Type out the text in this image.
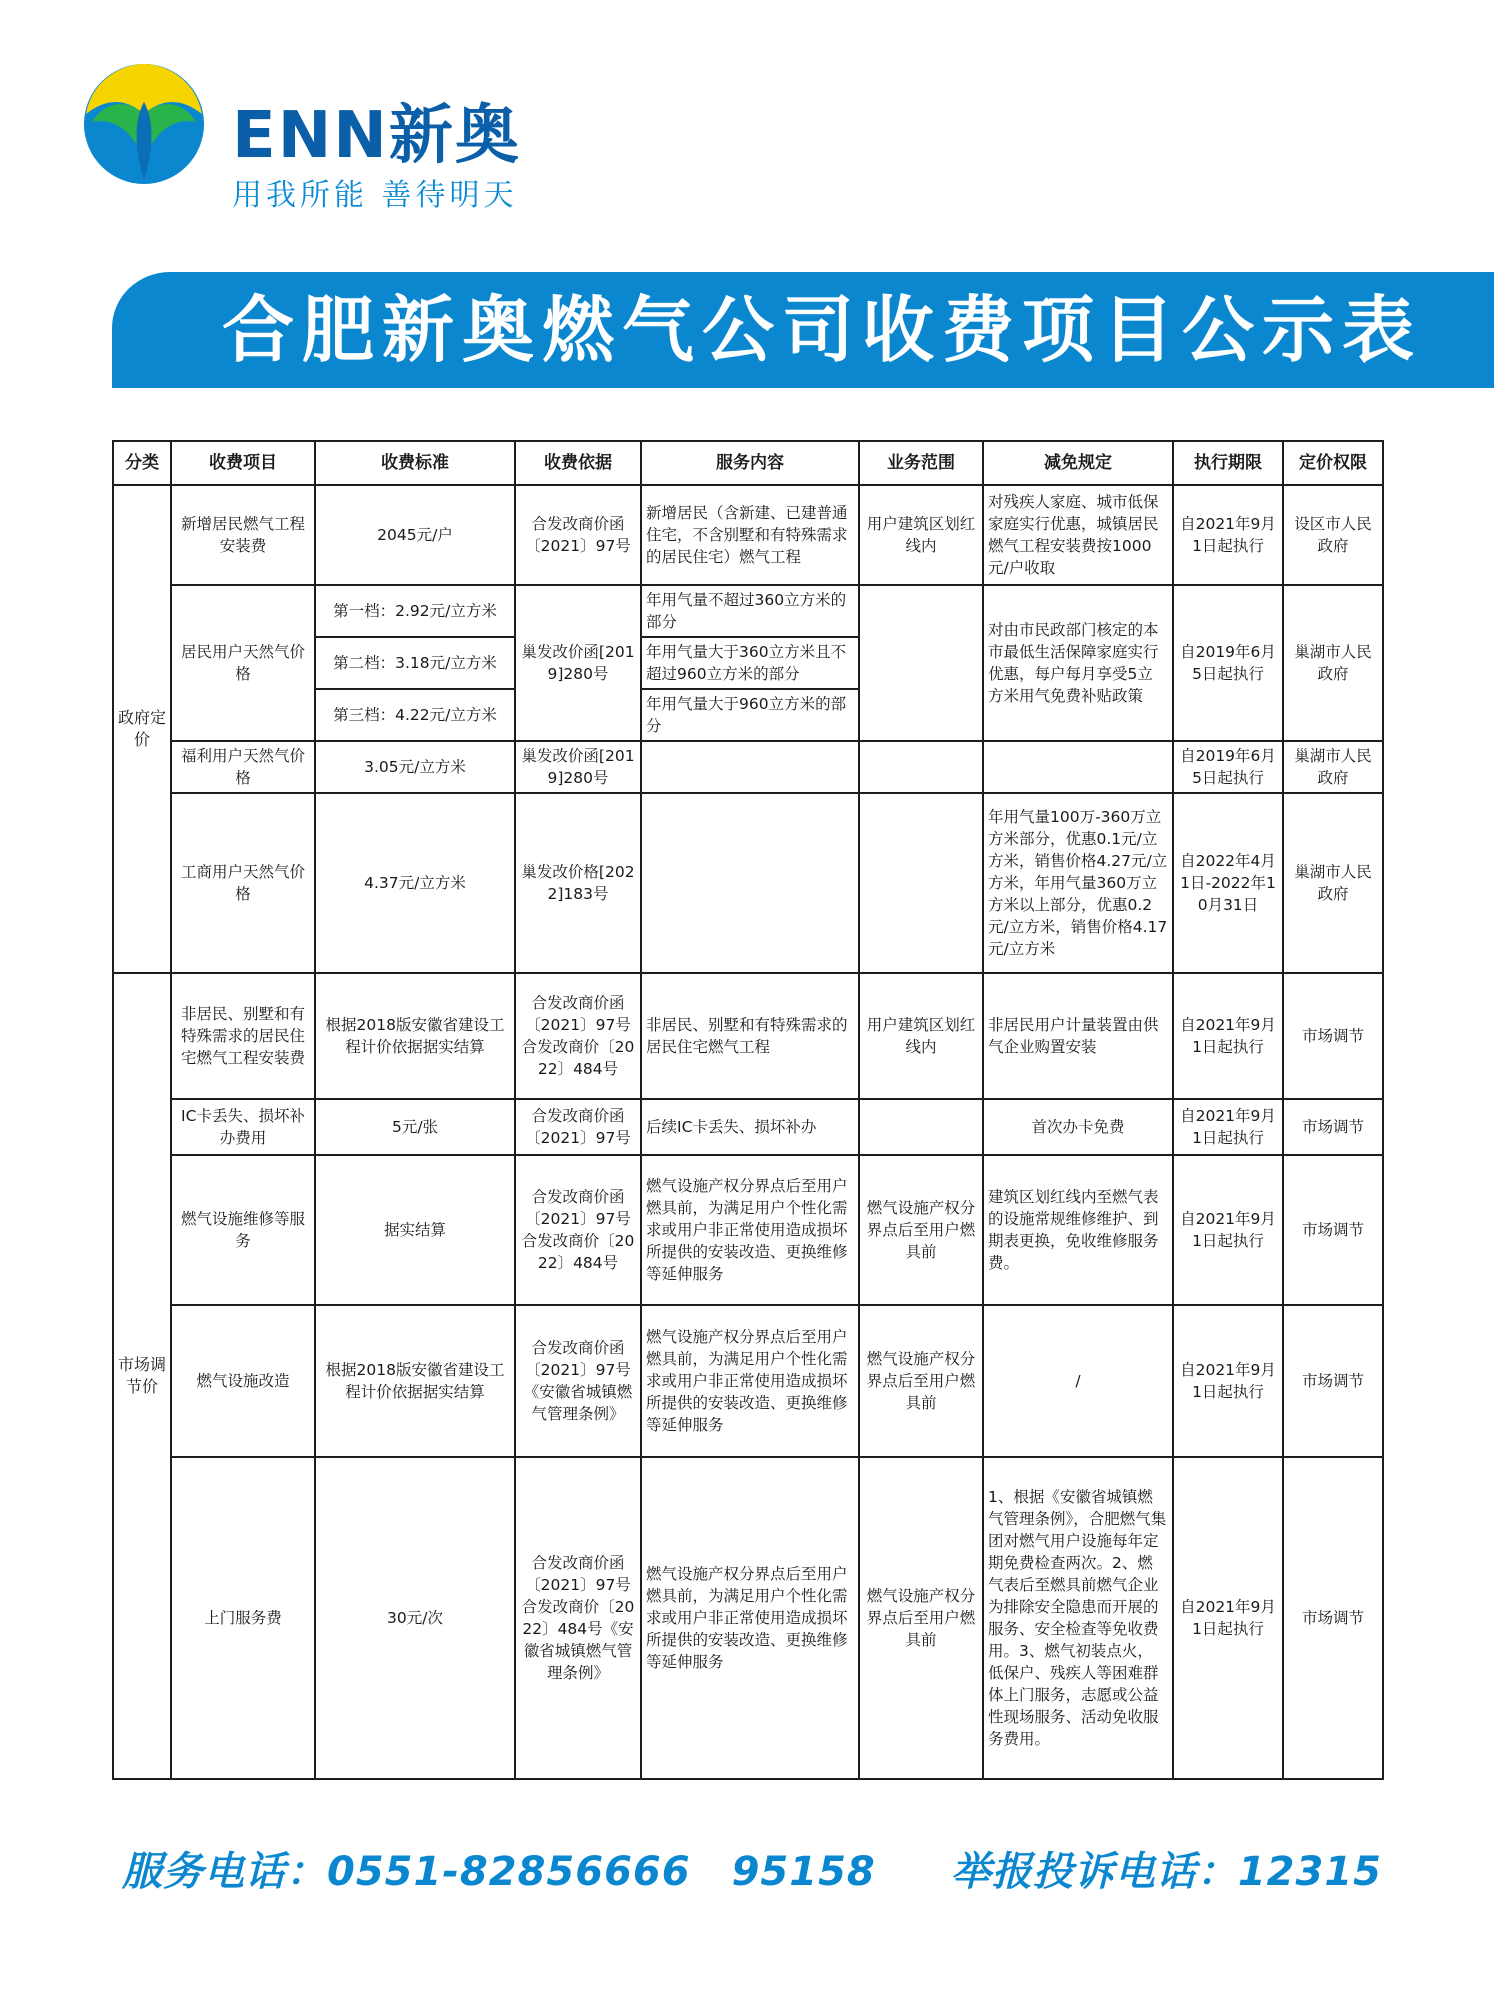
ENN新奥
用我所能 善待明天
合肥新奥燃气公司收费项目公示表
分类	收费项目	收费标准	收费依据	服务内容	业务范围	减免规定	执行期限	定价权限
政府定价	新增居民燃气工程安装费	2045元/户	合发改商价函〔2021〕97号	新增居民（含新建、已建普通住宅，不含别墅和有特殊需求的居民住宅）燃气工程	用户建筑区划红线内	对残疾人家庭、城市低保家庭实行优惠，城镇居民燃气工程安装费按1000元/户收取	自2021年9月1日起执行	设区市人民政府
	居民用户天然气价格	第一档：2.92元/立方米	巢发改价函[2019]280号	年用气量不超过360立方米的部分		对由市民政部门核定的本市最低生活保障家庭实行优惠，每户每月享受5立方米用气免费补贴政策	自2019年6月5日起执行	巢湖市人民政府
		第二档：3.18元/立方米		年用气量大于360立方米且不超过960立方米的部分				
		第三档：4.22元/立方米		年用气量大于960立方米的部分				
	福利用户天然气价格	3.05元/立方米	巢发改价函[2019]280号				自2019年6月5日起执行	巢湖市人民政府
	工商用户天然气价格	4.37元/立方米	巢发改价格[2022]183号			年用气量100万-360万立方米部分，优惠0.1元/立方米，销售价格4.27元/立方米，年用气量360万立方米以上部分，优惠0.2元/立方米，销售价格4.17元/立方米	自2022年4月1日-2022年10月31日	巢湖市人民政府
市场调节价	非居民、别墅和有特殊需求的居民住宅燃气工程安装费	根据2018版安徽省建设工程计价依据据实结算	合发改商价函〔2021〕97号合发改商价〔2022〕484号	非居民、别墅和有特殊需求的居民住宅燃气工程	用户建筑区划红线内	非居民用户计量装置由供气企业购置安装	自2021年9月1日起执行	市场调节
	IC卡丢失、损坏补办费用	5元/张	合发改商价函〔2021〕97号	后续IC卡丢失、损坏补办		首次办卡免费	自2021年9月1日起执行	市场调节
	燃气设施维修等服务	据实结算	合发改商价函〔2021〕97号合发改商价〔2022〕484号	燃气设施产权分界点后至用户燃具前，为满足用户个性化需求或用户非正常使用造成损坏所提供的安装改造、更换维修等延伸服务	燃气设施产权分界点后至用户燃具前	建筑区划红线内至燃气表的设施常规维修维护、到期表更换，免收维修服务费。	自2021年9月1日起执行	市场调节
	燃气设施改造	根据2018版安徽省建设工程计价依据据实结算	合发改商价函〔2021〕97号《安徽省城镇燃气管理条例》	燃气设施产权分界点后至用户燃具前，为满足用户个性化需求或用户非正常使用造成损坏所提供的安装改造、更换维修等延伸服务	燃气设施产权分界点后至用户燃具前	/	自2021年9月1日起执行	市场调节
	上门服务费	30元/次	合发改商价函〔2021〕97号合发改商价〔2022〕484号《安徽省城镇燃气管理条例》	燃气设施产权分界点后至用户燃具前，为满足用户个性化需求或用户非正常使用造成损坏所提供的安装改造、更换维修等延伸服务	燃气设施产权分界点后至用户燃具前	1、根据《安徽省城镇燃气管理条例》，合肥燃气集团对燃气用户设施每年定期免费检查两次。2、燃气表后至燃具前燃气企业为排除安全隐患而开展的服务、安全检查等免收费用。3、燃气初装点火，低保户、残疾人等困难群体上门服务，志愿或公益性现场服务、活动免收服务费用。	自2021年9月1日起执行	市场调节
服务电话：0551-82856666　95158 举报投诉电话：12315
